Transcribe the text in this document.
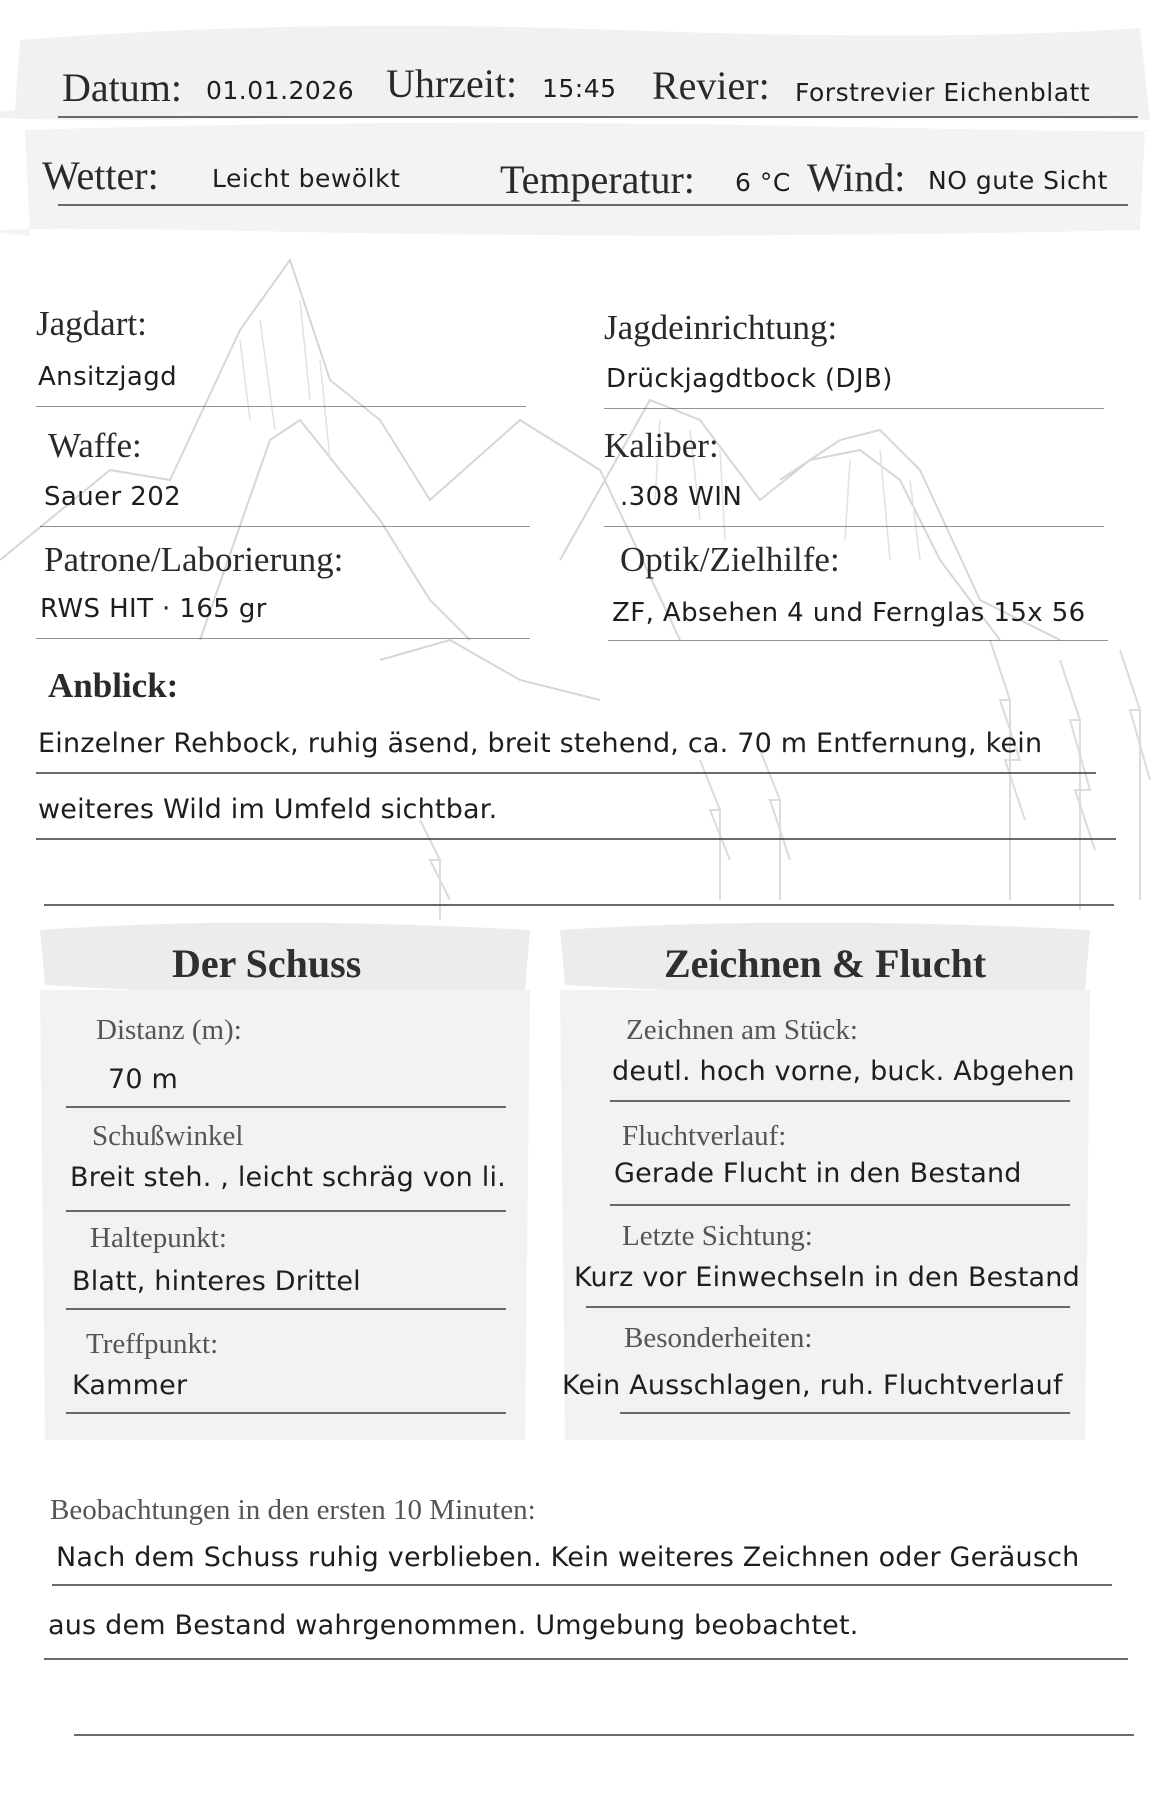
Datum: 01.01.2026 Uhrzeit: 15:45 Revier: Forstrevier Eichenblatt
Wetter: Leicht bewölkt Temperatur: 6 °C Wind: NO gute Sicht
Jagdart:
Ansitzjagd
Jagdeinrichtung:
Drückjagdtbock (DJB)
Waffe:
Sauer 202
Kaliber:
.308 WIN
Patrone/Laborierung:
RWS HIT · 165 gr
Optik/Zielhilfe:
ZF, Absehen 4 und Fernglas 15x 56
Anblick:
Einzelner Rehbock, ruhig äsend, breit stehend, ca. 70 m Entfernung, kein
weiteres Wild im Umfeld sichtbar.
Der Schuss
Distanz (m):
70 m
Schußwinkel
Breit steh. , leicht schräg von li.
Haltepunkt:
Blatt, hinteres Drittel
Treffpunkt:
Kammer
Zeichnen & Flucht
Zeichnen am Stück:
deutl. hoch vorne, buck. Abgehen
Fluchtverlauf:
Gerade Flucht in den Bestand
Letzte Sichtung:
Kurz vor Einwechseln in den Bestand
Besonderheiten:
Kein Ausschlagen, ruh. Fluchtverlauf
Beobachtungen in den ersten 10 Minuten:
Nach dem Schuss ruhig verblieben. Kein weiteres Zeichnen oder Geräusch
aus dem Bestand wahrgenommen. Umgebung beobachtet.
